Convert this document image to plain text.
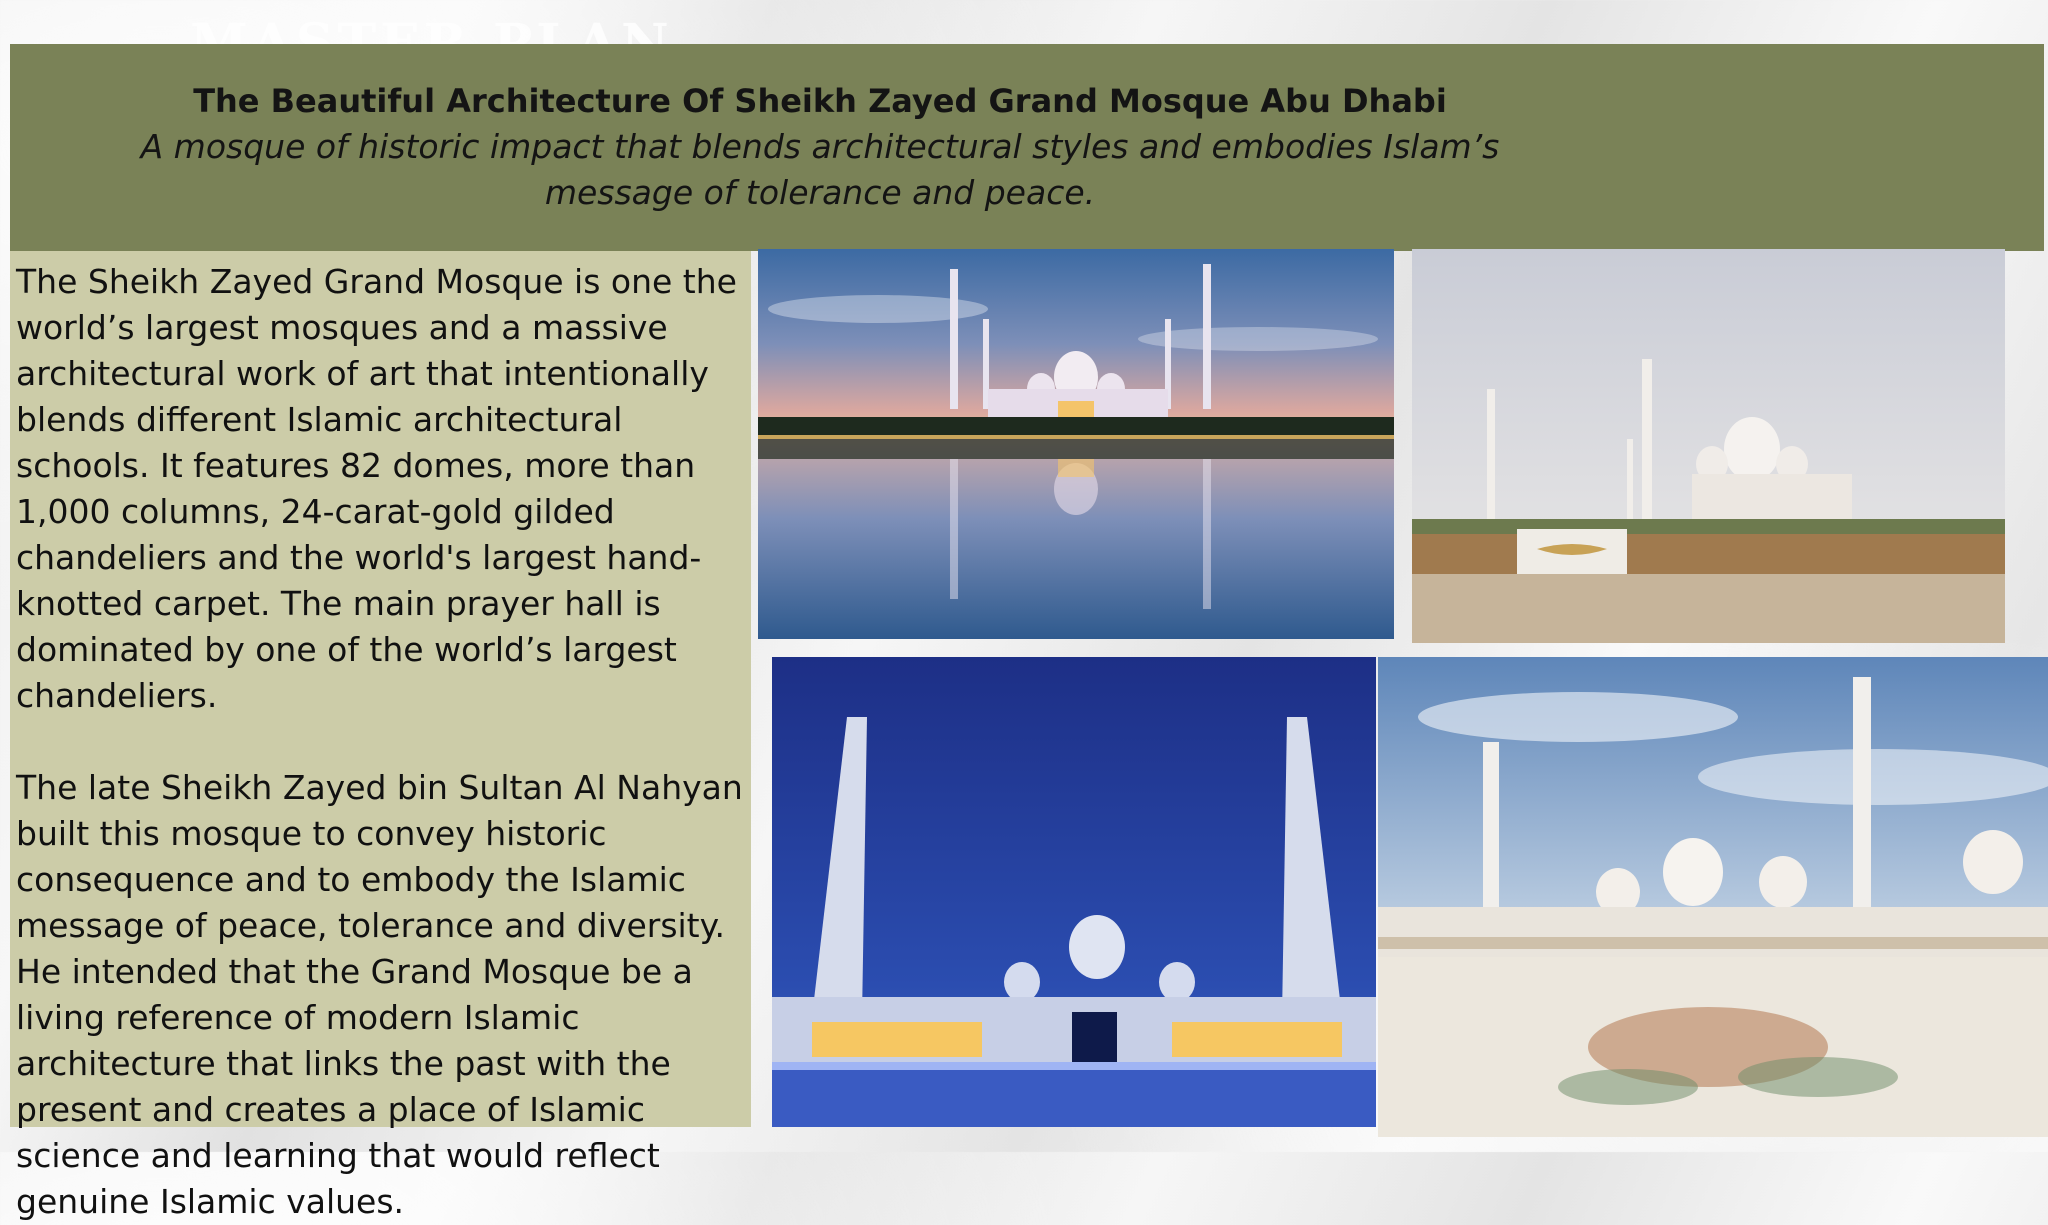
The Beautiful Architecture Of Sheikh Zayed Grand Mosque Abu Dhabi
A mosque of historic impact that blends architectural styles and embodies Islam’s message of tolerance and peace.

The Sheikh Zayed Grand Mosque is one the world’s largest mosques and a massive architectural work of art that intentionally blends different Islamic architectural schools. It features 82 domes, more than 1,000 columns, 24-carat-gold gilded chandeliers and the world's largest hand-knotted carpet. The main prayer hall is dominated by one of the world’s largest chandeliers.

The late Sheikh Zayed bin Sultan Al Nahyan built this mosque to convey historic consequence and to embody the Islamic message of peace, tolerance and diversity. He intended that the Grand Mosque be a living reference of modern Islamic architecture that links the past with the present and creates a place of Islamic science and learning that would reflect genuine Islamic values.
